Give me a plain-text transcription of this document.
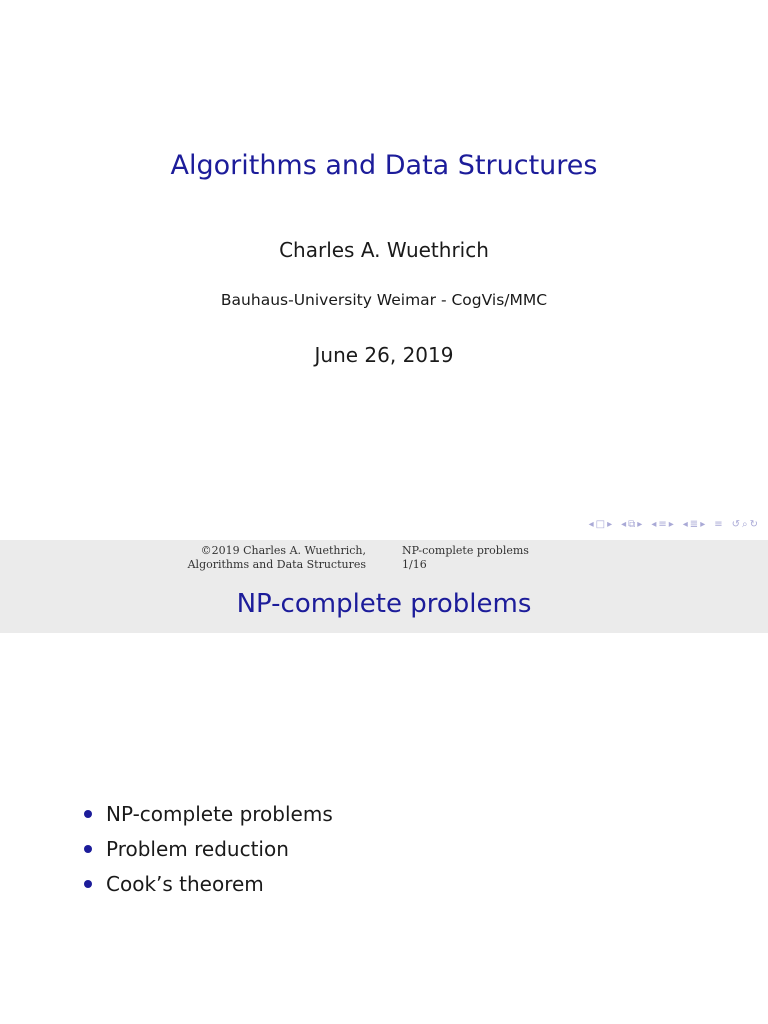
Algorithms and Data Structures
Charles A. Wuethrich
Bauhaus-University Weimar - CogVis/MMC
June 26, 2019
◂ □ ▸ ◂ ⧉ ▸ ◂ ≡ ▸ ◂ ≣ ▸ ≡ ↺ ⌕ ↻
©2019 Charles A. Wuethrich,
Algorithms and Data Structures
NP-complete problems
1/16
NP-complete problems
NP-complete problems
Problem reduction
Cook’s theorem
